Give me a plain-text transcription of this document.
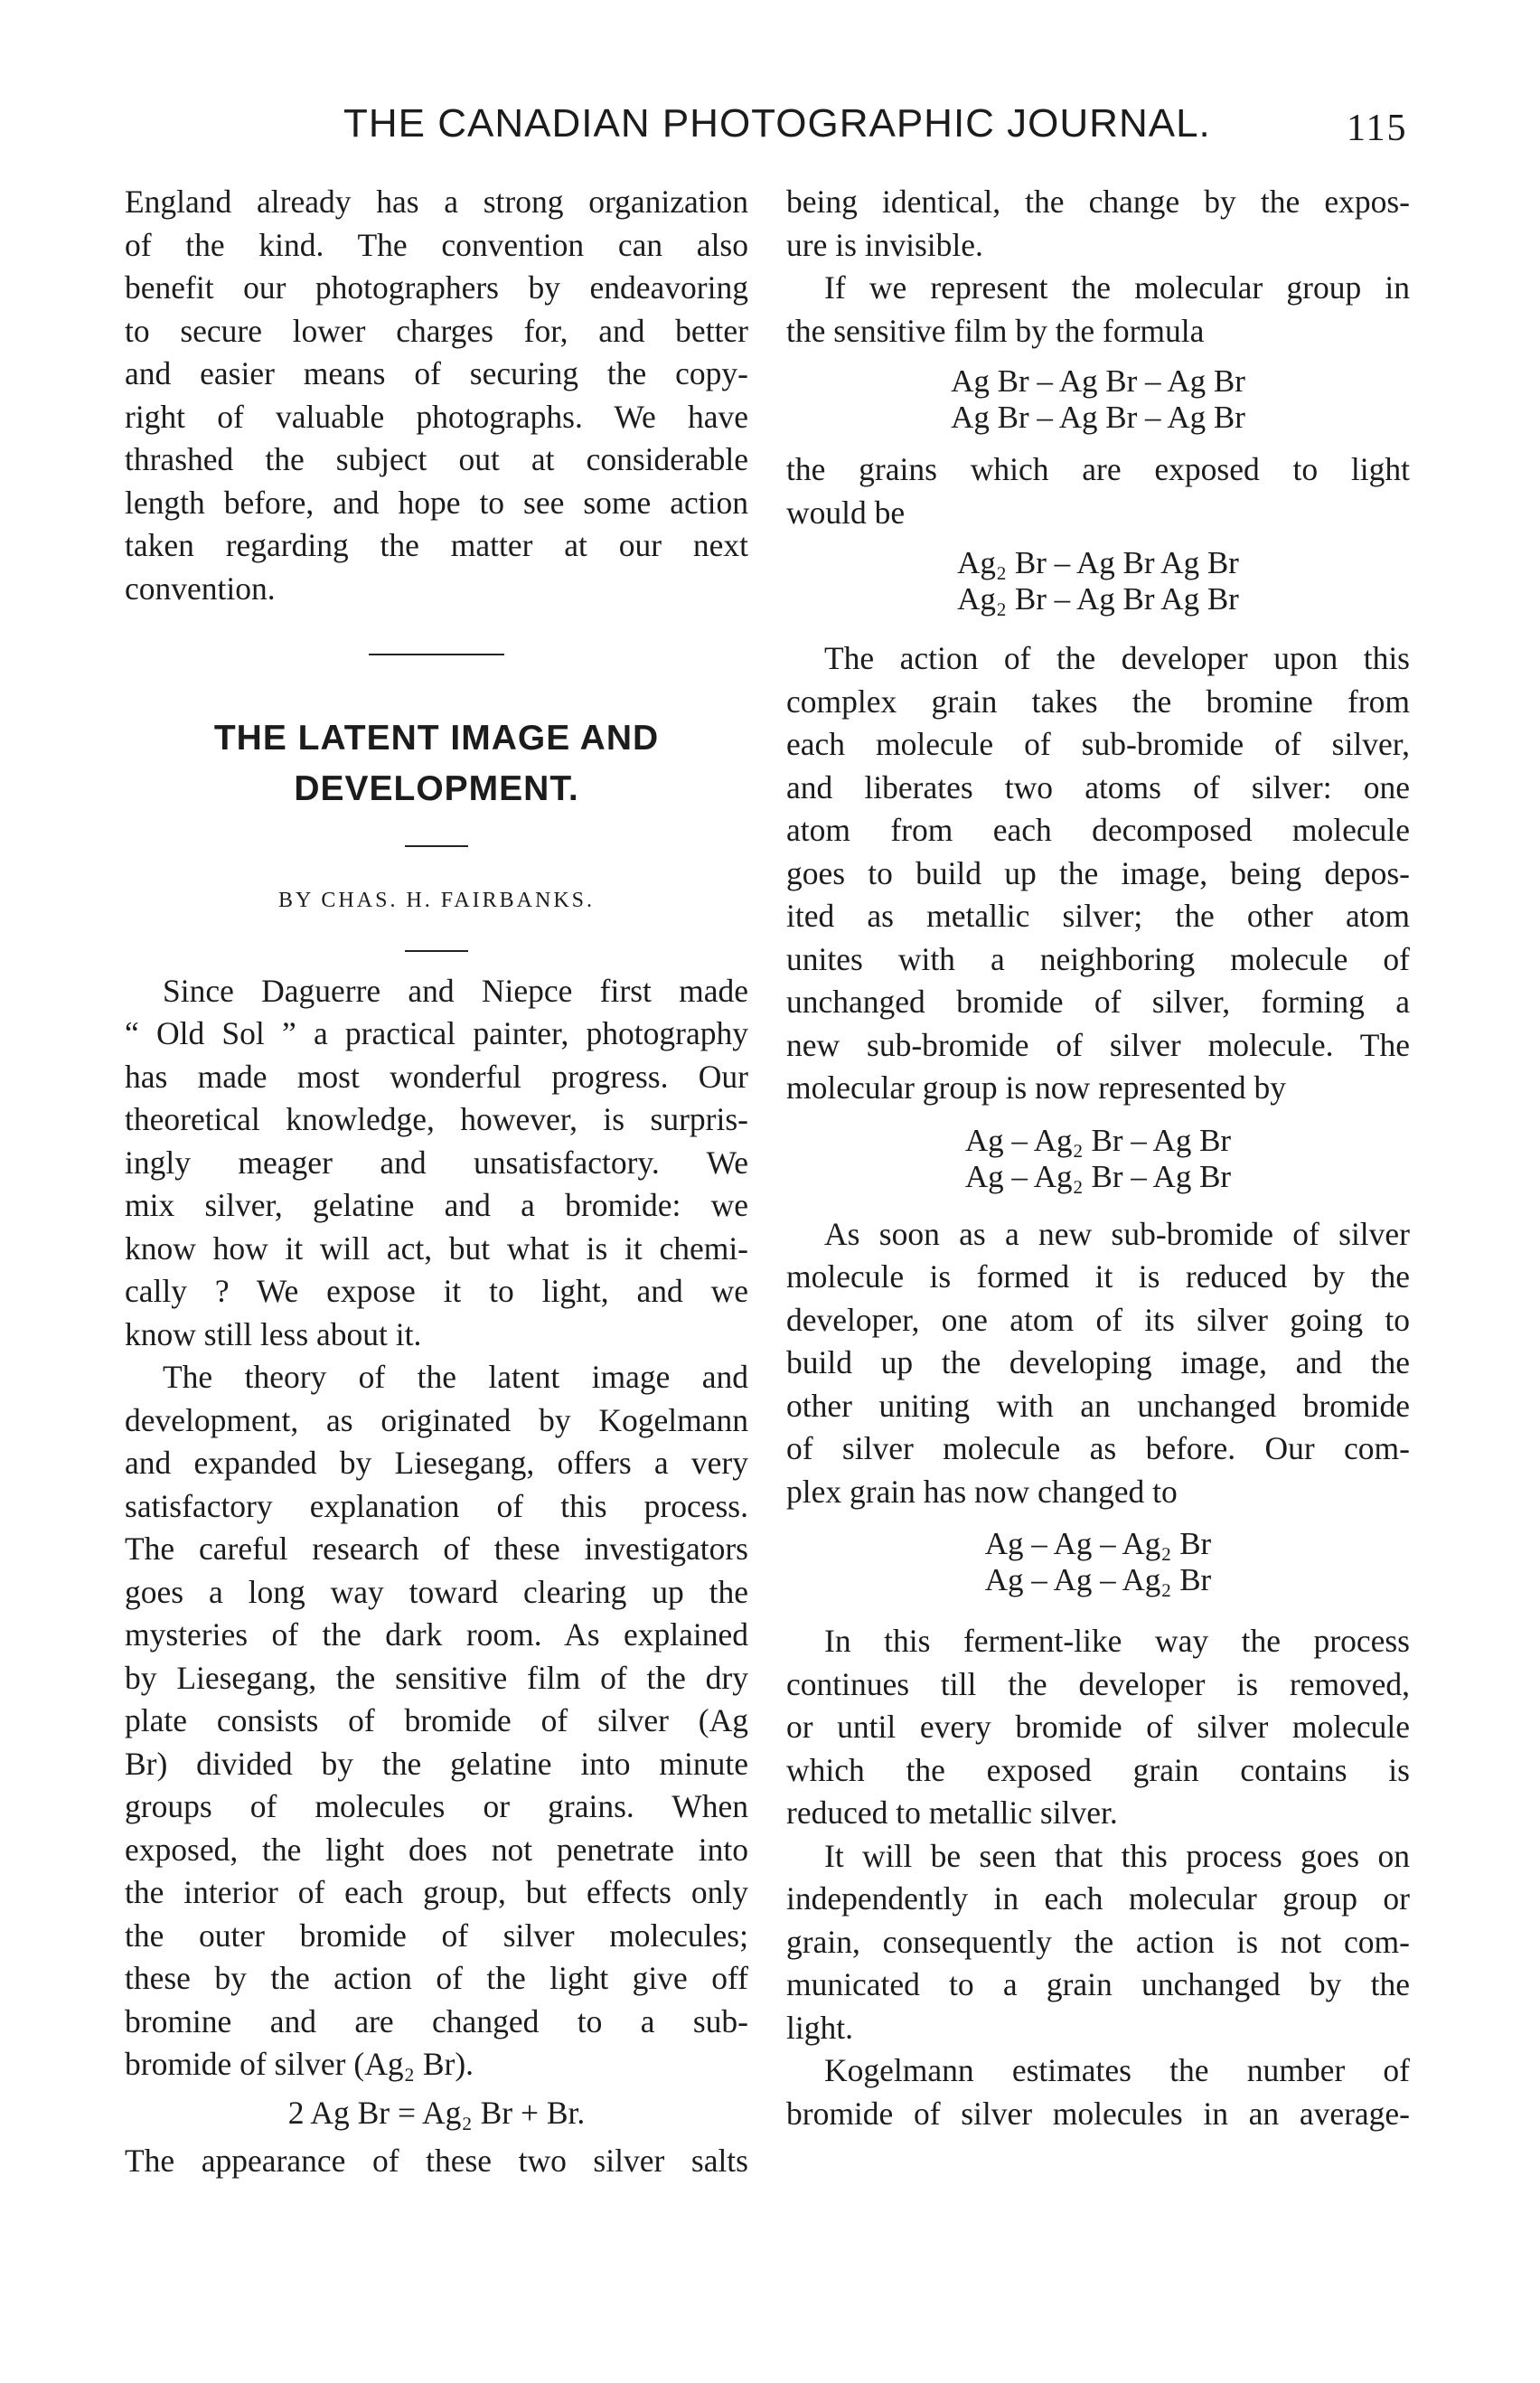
THE CANADIAN PHOTOGRAPHIC JOURNAL.	115
England already has a strong organization
of the kind. The convention can also
benefit our photographers by endeavoring
to secure lower charges for, and better
and easier means of securing the copy-
right of valuable photographs. We have
thrashed the subject out at considerable
length before, and hope to see some action
taken regarding the matter at our next
convention.
THE LATENT IMAGE AND
DEVELOPMENT.
BY CHAS. H. FAIRBANKS.
Since Daguerre and Niepce first made
“ Old Sol ” a practical painter, photography
has made most wonderful progress. Our
theoretical knowledge, however, is surpris-
ingly meager and unsatisfactory. We
mix silver, gelatine and a bromide: we
know how it will act, but what is it chemi-
cally ? We expose it to light, and we
know still less about it.
The theory of the latent image and
development, as originated by Kogelmann
and expanded by Liesegang, offers a very
satisfactory explanation of this process.
The careful research of these investigators
goes a long way toward clearing up the
mysteries of the dark room. As explained
by Liesegang, the sensitive film of the dry
plate consists of bromide of silver (Ag
Br) divided by the gelatine into minute
groups of molecules or grains. When
exposed, the light does not penetrate into
the interior of each group, but effects only
the outer bromide of silver molecules;
these by the action of the light give off
bromine and are changed to a sub-
bromide of silver (Ag₂ Br).
2 Ag Br = Ag₂ Br + Br.
The appearance of these two silver salts
being identical, the change by the expos-
ure is invisible.
If we represent the molecular group in
the sensitive film by the formula
Ag Br – Ag Br – Ag Br
Ag Br – Ag Br – Ag Br
the grains which are exposed to light
would be
Ag₂ Br – Ag Br Ag Br
Ag₂ Br – Ag Br Ag Br
The action of the developer upon this
complex grain takes the bromine from
each molecule of sub-bromide of silver,
and liberates two atoms of silver: one
atom from each decomposed molecule
goes to build up the image, being depos-
ited as metallic silver; the other atom
unites with a neighboring molecule of
unchanged bromide of silver, forming a
new sub-bromide of silver molecule. The
molecular group is now represented by
Ag – Ag₂ Br – Ag Br
Ag – Ag₂ Br – Ag Br
As soon as a new sub-bromide of silver
molecule is formed it is reduced by the
developer, one atom of its silver going to
build up the developing image, and the
other uniting with an unchanged bromide
of silver molecule as before. Our com-
plex grain has now changed to
Ag – Ag – Ag₂ Br
Ag – Ag – Ag₂ Br
In this ferment-like way the process
continues till the developer is removed,
or until every bromide of silver molecule
which the exposed grain contains is
reduced to metallic silver.
It will be seen that this process goes on
independently in each molecular group or
grain, consequently the action is not com-
municated to a grain unchanged by the
light.
Kogelmann estimates the number of
bromide of silver molecules in an average-
